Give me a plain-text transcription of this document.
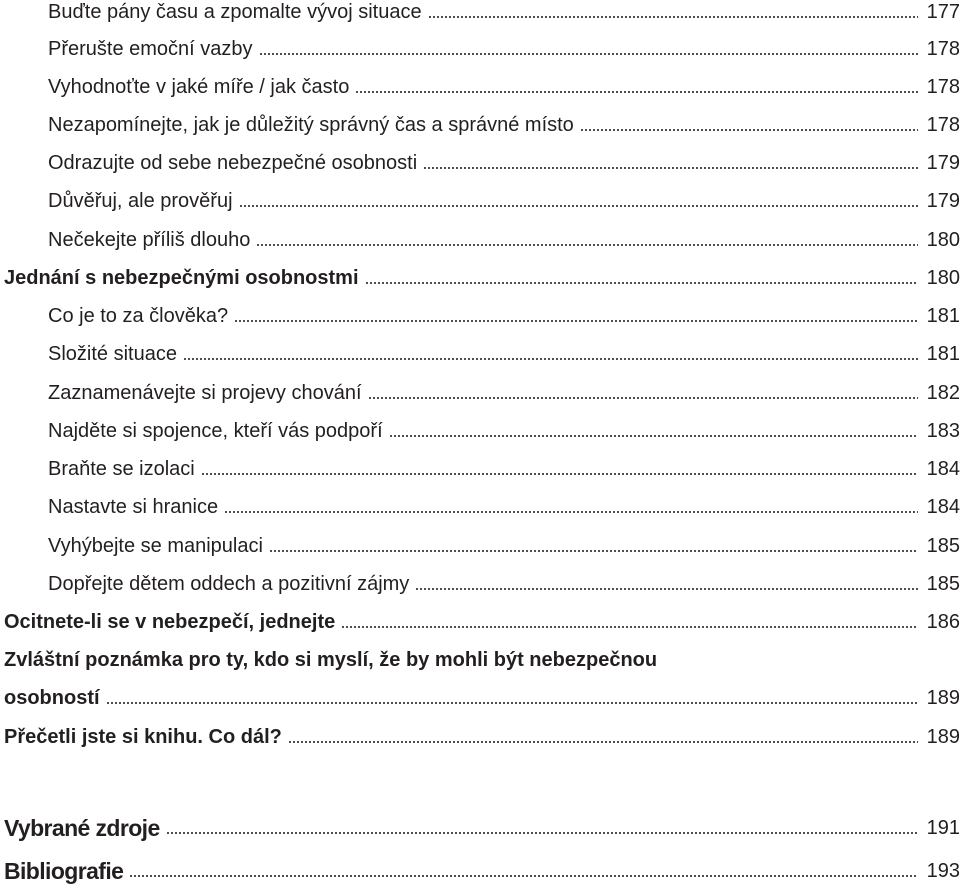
Buďte pány času a zpomalte vývoj situace	177
Přerušte emoční vazby	178
Vyhodnoťte v jaké míře / jak často	178
Nezapomínejte, jak je důležitý správný čas a správné místo	178
Odrazujte od sebe nebezpečné osobnosti	179
Důvěřuj, ale prověřuj	179
Nečekejte příliš dlouho	180
Jednání s nebezpečnými osobnostmi	180
Co je to za člověka?	181
Složité situace	181
Zaznamenávejte si projevy chování	182
Najděte si spojence, kteří vás podpoří	183
Braňte se izolaci	184
Nastavte si hranice	184
Vyhýbejte se manipulaci	185
Dopřejte dětem oddech a pozitivní zájmy	185
Ocitnete-li se v nebezpečí, jednejte	186
Zvláštní poznámka pro ty, kdo si myslí, že by mohli být nebezpečnou
osobností	189
Přečetli jste si knihu. Co dál?	189
Vybrané zdroje	191
Bibliografie	193
